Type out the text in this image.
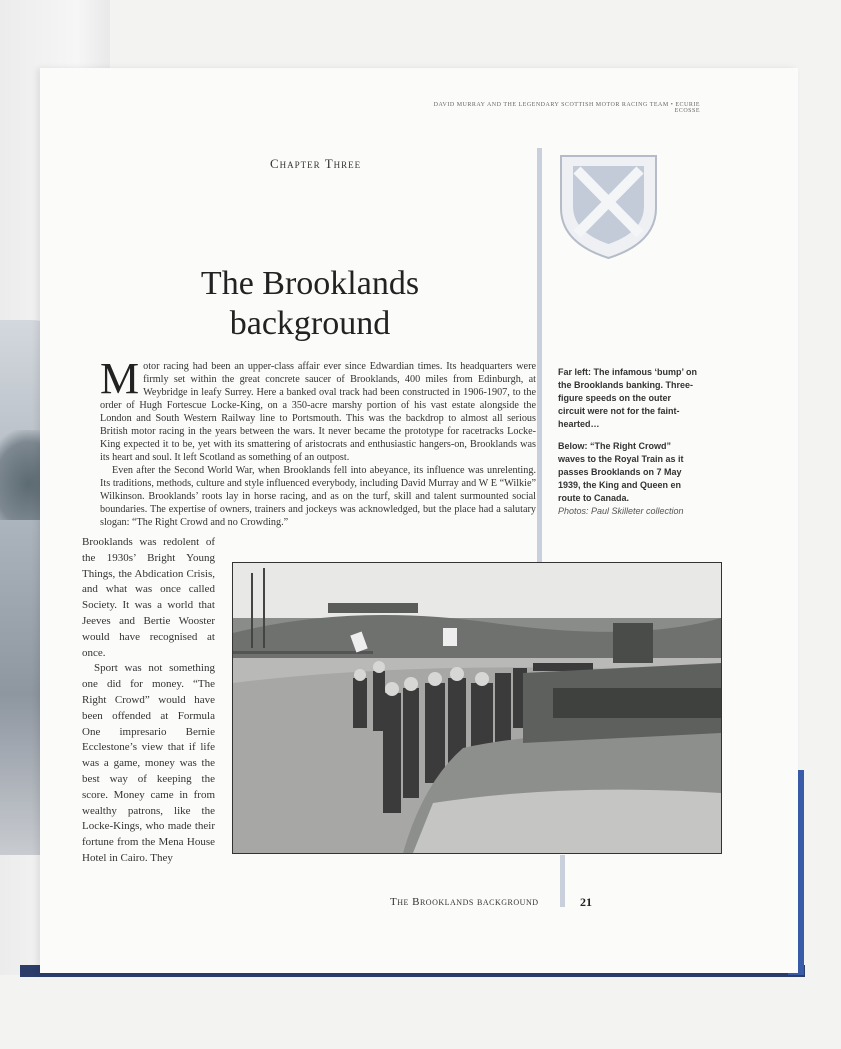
DAVID MURRAY AND THE LEGENDARY SCOTTISH MOTOR RACING TEAM • ECURIE ECOSSE
Chapter Three
The Brooklands
background

Motor racing had been an upper-class affair ever since Edwardian times. Its headquarters were firmly set within the great concrete saucer of Brooklands, 400 miles from Edinburgh, at Weybridge in leafy Surrey. Here a banked oval track had been constructed in 1906-1907, to the order of Hugh Fortescue Locke-King, on a 350-acre marshy portion of his vast estate alongside the London and South Western Railway line to Portsmouth. This was the backdrop to almost all serious British motor racing in the years between the wars. It never became the prototype for racetracks Locke-King expected it to be, yet with its smattering of aristocrats and enthusiastic hangers-on, Brooklands was its heart and soul. It left Scotland as something of an outpost.

Even after the Second World War, when Brooklands fell into abeyance, its influence was unrelenting. Its traditions, methods, culture and style influenced everybody, including David Murray and W E “Wilkie” Wilkinson. Brooklands’ roots lay in horse racing, and as on the turf, skill and talent surmounted social boundaries. The expertise of owners, trainers and jockeys was acknowledged, but the place had a salutary slogan: “The Right Crowd and no Crowding.”

Brooklands was redolent of the 1930s’ Bright Young Things, the Abdication Crisis, and what was once called Society. It was a world that Jeeves and Bertie Wooster would have recognised at once.

Sport was not something one did for money. “The Right Crowd” would have been offended at Formula One impresario Bernie Ecclestone’s view that if life was a game, money was the best way of keeping the score. Money came in from wealthy patrons, like the Locke-Kings, who made their fortune from the Mena House Hotel in Cairo. They

Far left: The infamous ‘bump’ on the Brooklands banking. Three-figure speeds on the outer circuit were not for the faint-hearted…

Below: “The Right Crowd” waves to the Royal Train as it passes Brooklands on 7 May 1939, the King and Queen en route to Canada.

Photos: Paul Skilleter collection

The Brooklands background	21
